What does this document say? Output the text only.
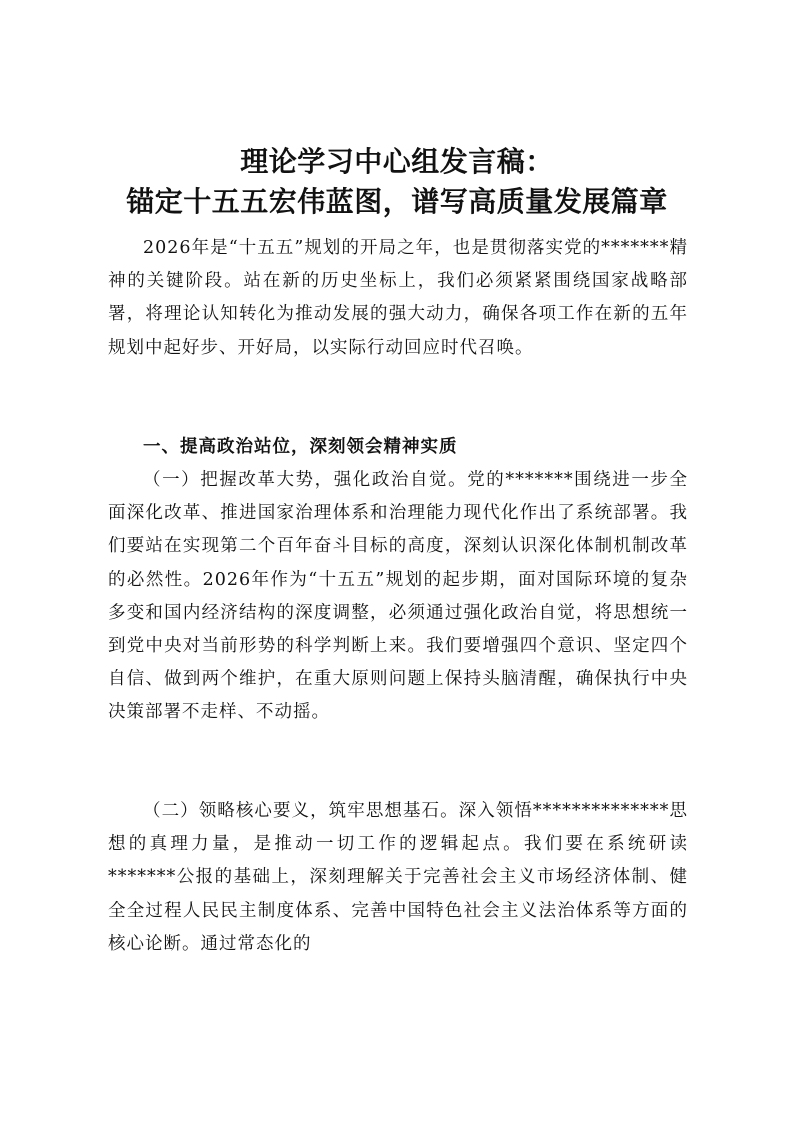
理论学习中心组发言稿：
锚定十五五宏伟蓝图，谱写高质量发展篇章

2026年是“十五五”规划的开局之年，也是贯彻落实党的*******精神的关键阶段。站在新的历史坐标上，我们必须紧紧围绕国家战略部署，将理论认知转化为推动发展的强大动力，确保各项工作在新的五年规划中起好步、开好局，以实际行动回应时代召唤。

一、提高政治站位，深刻领会精神实质

（一）把握改革大势，强化政治自觉。党的*******围绕进一步全面深化改革、推进国家治理体系和治理能力现代化作出了系统部署。我们要站在实现第二个百年奋斗目标的高度，深刻认识深化体制机制改革的必然性。2026年作为“十五五”规划的起步期，面对国际环境的复杂多变和国内经济结构的深度调整，必须通过强化政治自觉，将思想统一到党中央对当前形势的科学判断上来。我们要增强四个意识、坚定四个自信、做到两个维护，在重大原则问题上保持头脑清醒，确保执行中央决策部署不走样、不动摇。

（二）领略核心要义，筑牢思想基石。深入领悟**************思想的真理力量，是推动一切工作的逻辑起点。我们要在系统研读*******公报的基础上，深刻理解关于完善社会主义市场经济体制、健全全过程人民民主制度体系、完善中国特色社会主义法治体系等方面的核心论断。通过常态化的
